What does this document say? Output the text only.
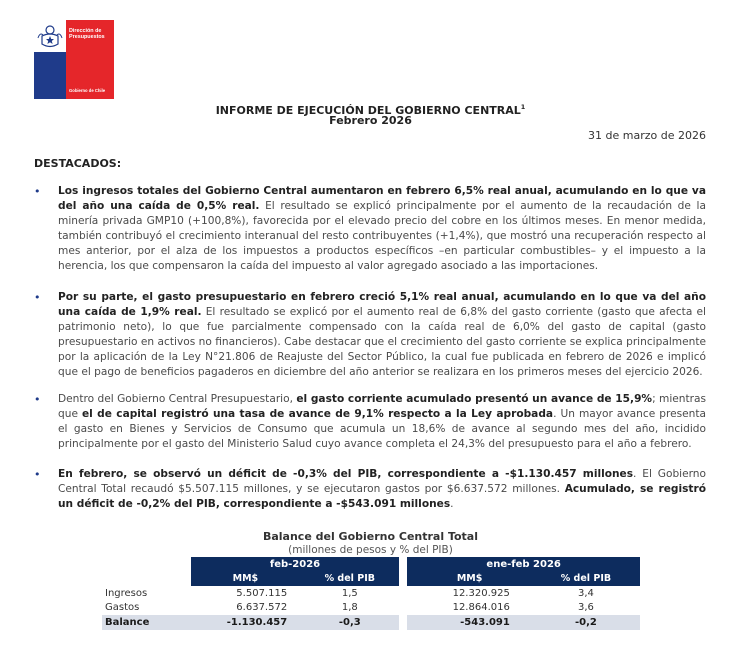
Dirección de
Presupuestos
Gobierno de Chile
INFORME DE EJECUCIÓN DEL GOBIERNO CENTRAL$^1$
Febrero 2026
31 de marzo de 2026
DESTACADOS:
• Los ingresos totales del Gobierno Central aumentaron en febrero 6,5% real anual, acumulando en lo que va del año una caída de 0,5% real. El resultado se explicó principalmente por el aumento de la recaudación de la minería privada GMP10 (+100,8%), favorecida por el elevado precio del cobre en los últimos meses. En menor medida, también contribuyó el crecimiento interanual del resto contribuyentes (+1,4%), que mostró una recuperación respecto al mes anterior, por el alza de los impuestos a productos específicos –en particular combustibles– y el impuesto a la herencia, los que compensaron la caída del impuesto al valor agregado asociado a las importaciones.
• Por su parte, el gasto presupuestario en febrero creció 5,1% real anual, acumulando en lo que va del año una caída de 1,9% real. El resultado se explicó por el aumento real de 6,8% del gasto corriente (gasto que afecta el patrimonio neto), lo que fue parcialmente compensado con la caída real de 6,0% del gasto de capital (gasto presupuestario en activos no financieros). Cabe destacar que el crecimiento del gasto corriente se explica principalmente por la aplicación de la Ley N°21.806 de Reajuste del Sector Público, la cual fue publicada en febrero de 2026 e implicó que el pago de beneficios pagaderos en diciembre del año anterior se realizara en los primeros meses del ejercicio 2026.
• Dentro del Gobierno Central Presupuestario, el gasto corriente acumulado presentó un avance de 15,9%; mientras que el de capital registró una tasa de avance de 9,1% respecto a la Ley aprobada. Un mayor avance presenta el gasto en Bienes y Servicios de Consumo que acumula un 18,6% de avance al segundo mes del año, incidido principalmente por el gasto del Ministerio Salud cuyo avance completa el 24,3% del presupuesto para el año a febrero.
• En febrero, se observó un déficit de -0,3% del PIB, correspondiente a -$1.130.457 millones. El Gobierno Central Total recaudó $5.507.115 millones, y se ejecutaron gastos por $6.637.572 millones. Acumulado, se registró un déficit de -0,2% del PIB, correspondiente a -$543.091 millones.
Balance del Gobierno Central Total
(millones de pesos y % del PIB)
	feb-2026			ene-feb 2026	
	MM$	% del PIB		MM$	% del PIB
Ingresos	5.507.115	1,5		12.320.925	3,4
Gastos	6.637.572	1,8		12.864.016	3,6
Balance	-1.130.457	-0,3		-543.091	-0,2
